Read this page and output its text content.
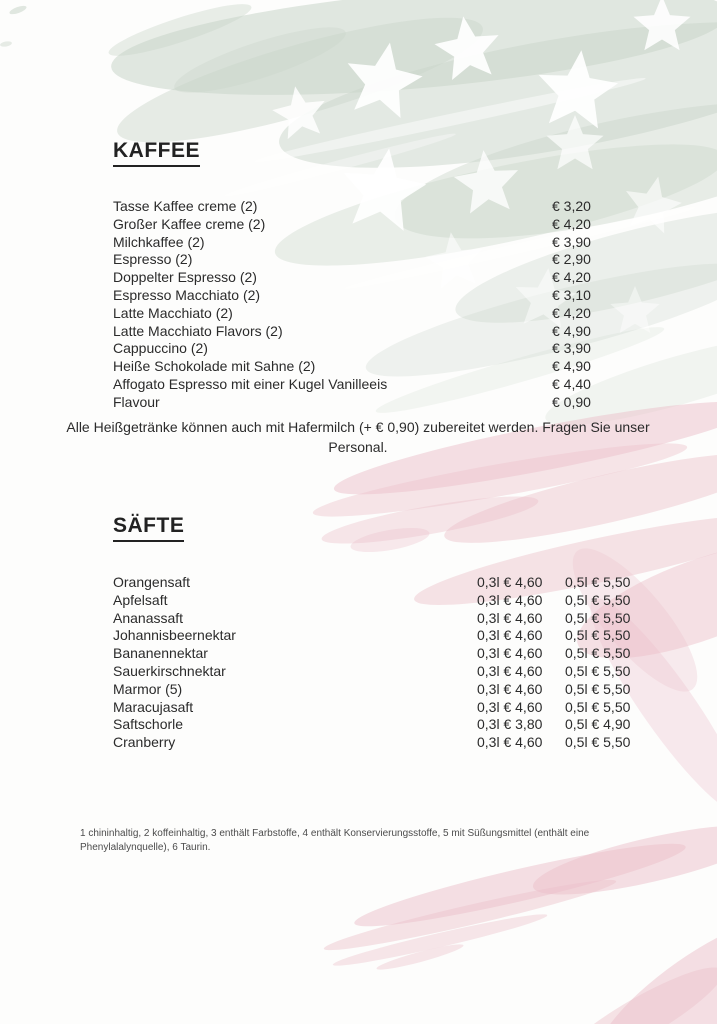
KAFFEE
Tasse Kaffee creme (2)	€ 3,20
Großer Kaffee creme (2)	€ 4,20
Milchkaffee (2)	€ 3,90
Espresso (2)	€ 2,90
Doppelter Espresso (2)	€ 4,20
Espresso Macchiato (2)	€ 3,10
Latte Macchiato (2)	€ 4,20
Latte Macchiato Flavors (2)	€ 4,90
Cappuccino (2)	€ 3,90
Heiße Schokolade mit Sahne (2)	€ 4,90
Affogato Espresso mit einer Kugel Vanilleeis	€ 4,40
Flavour	€ 0,90
Alle Heißgetränke können auch mit Hafermilch (+ € 0,90) zubereitet werden. Fragen Sie unser Personal.
SÄFTE
Orangensaft	0,3l € 4,60 0,5l € 5,50
Apfelsaft	0,3l € 4,60 0,5l € 5,50
Ananassaft	0,3l € 4,60 0,5l € 5,50
Johannisbeernektar	0,3l € 4,60 0,5l € 5,50
Bananennektar	0,3l € 4,60 0,5l € 5,50
Sauerkirschnektar	0,3l € 4,60 0,5l € 5,50
Marmor (5)	0,3l € 4,60 0,5l € 5,50
Maracujasaft	0,3l € 4,60 0,5l € 5,50
Saftschorle	0,3l € 3,80 0,5l € 4,90
Cranberry	0,3l € 4,60 0,5l € 5,50
1 chininhaltig, 2 koffeinhaltig, 3 enthält Farbstoffe, 4 enthält Konservierungsstoffe, 5 mit Süßungsmittel (enthält eine Phenylalalynquelle), 6 Taurin.
